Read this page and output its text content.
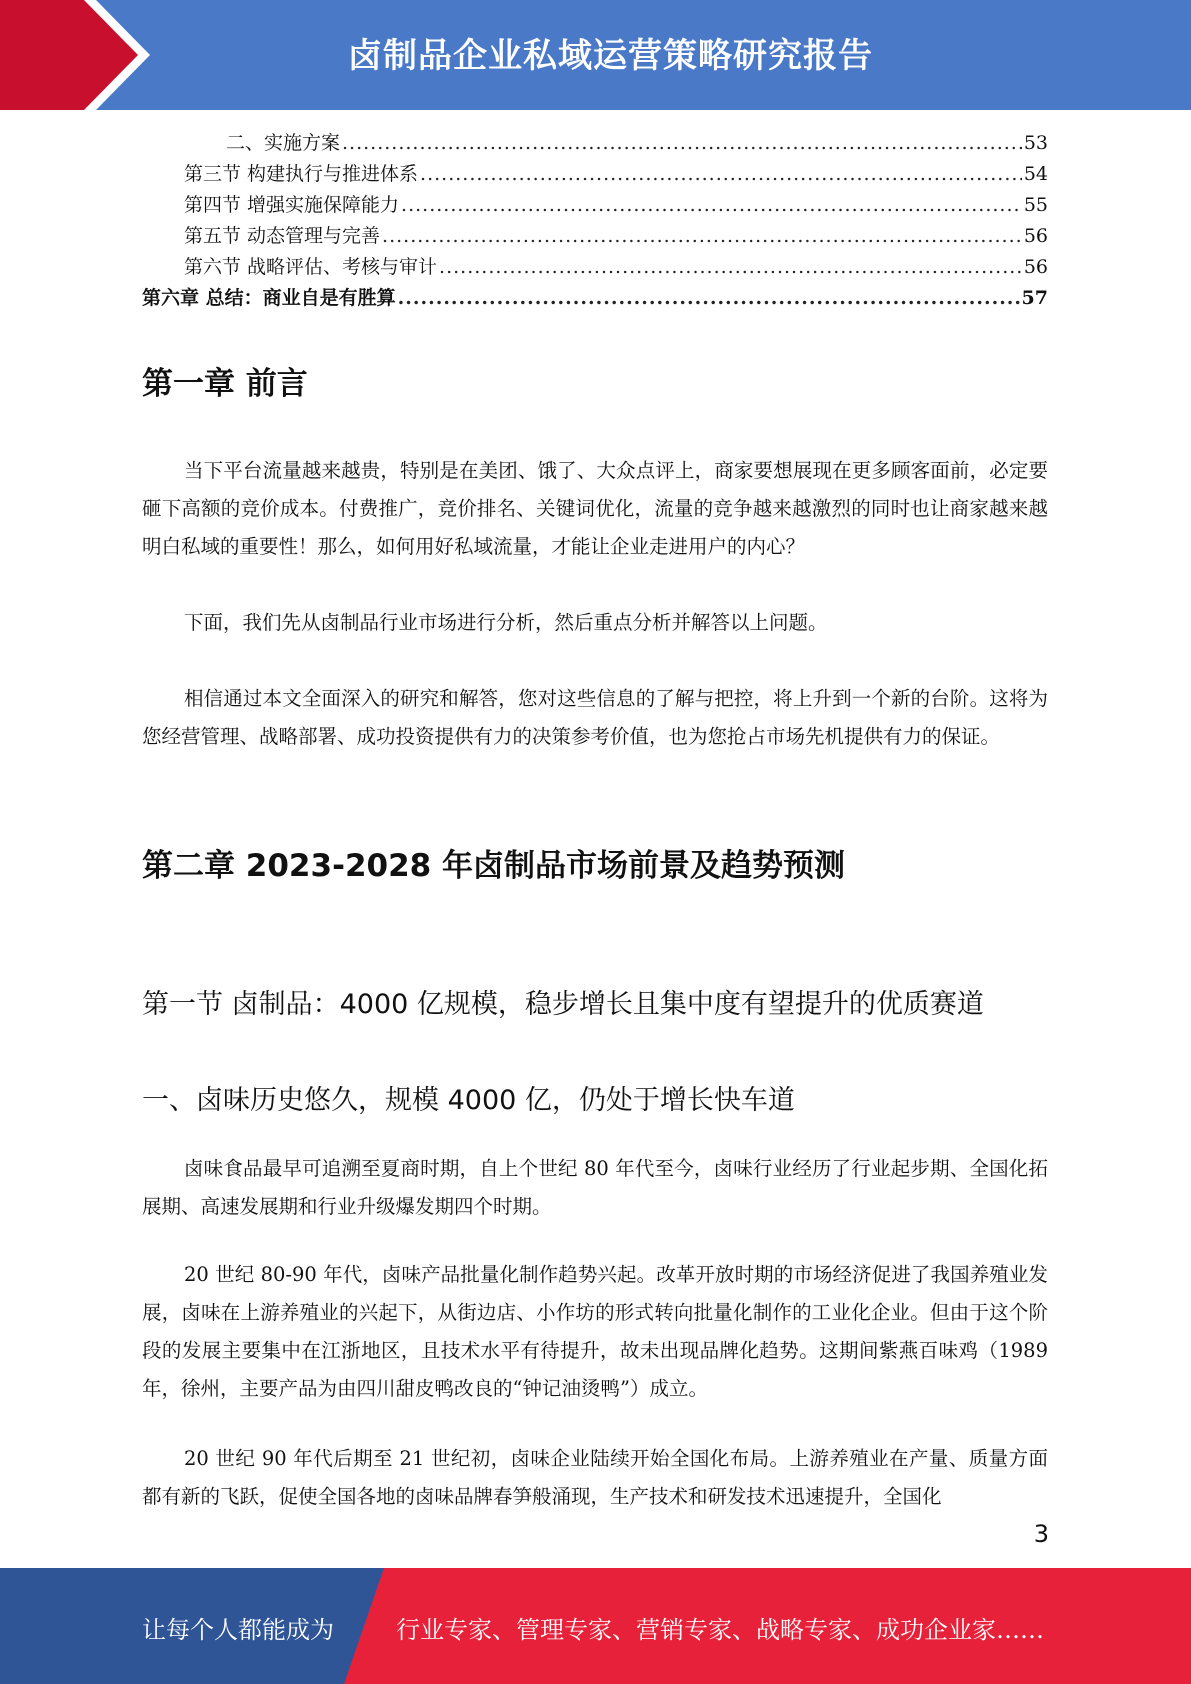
卤制品企业私域运营策略研究报告
二、实施方案 .....	53
第三节 构建执行与推进体系 .....	54
第四节 增强实施保障能力 .....	55
第五节 动态管理与完善 .....	56
第六节 战略评估、考核与审计 .....	56
第六章 总结：商业自是有胜算 .....	57
第一章 前言

当下平台流量越来越贵，特别是在美团、饿了、大众点评上，商家要想展现在更多顾客面前，必定要砸下高额的竞价成本。付费推广，竞价排名、关键词优化，流量的竞争越来越激烈的同时也让商家越来越明白私域的重要性！那么，如何用好私域流量，才能让企业走进用户的内心？

下面，我们先从卤制品行业市场进行分析，然后重点分析并解答以上问题。

相信通过本文全面深入的研究和解答，您对这些信息的了解与把控，将上升到一个新的台阶。这将为您经营管理、战略部署、成功投资提供有力的决策参考价值，也为您抢占市场先机提供有力的保证。

第二章 2023-2028 年卤制品市场前景及趋势预测
第一节 卤制品：4000 亿规模，稳步增长且集中度有望提升的优质赛道
一、卤味历史悠久，规模 4000 亿，仍处于增长快车道

卤味食品最早可追溯至夏商时期，自上个世纪 80 年代至今，卤味行业经历了行业起步期、全国化拓展期、高速发展期和行业升级爆发期四个时期。

20 世纪 80-90 年代，卤味产品批量化制作趋势兴起。改革开放时期的市场经济促进了我国养殖业发展，卤味在上游养殖业的兴起下，从街边店、小作坊的形式转向批量化制作的工业化企业。但由于这个阶段的发展主要集中在江浙地区，且技术水平有待提升，故未出现品牌化趋势。这期间紫燕百味鸡（1989 年，徐州，主要产品为由四川甜皮鸭改良的“钟记油烫鸭”）成立。

20 世纪 90 年代后期至 21 世纪初，卤味企业陆续开始全国化布局。上游养殖业在产量、质量方面都有新的飞跃，促使全国各地的卤味品牌春笋般涌现，生产技术和研发技术迅速提升，全国化

3
让每个人都能成为	行业专家、管理专家、营销专家、战略专家、成功企业家……
